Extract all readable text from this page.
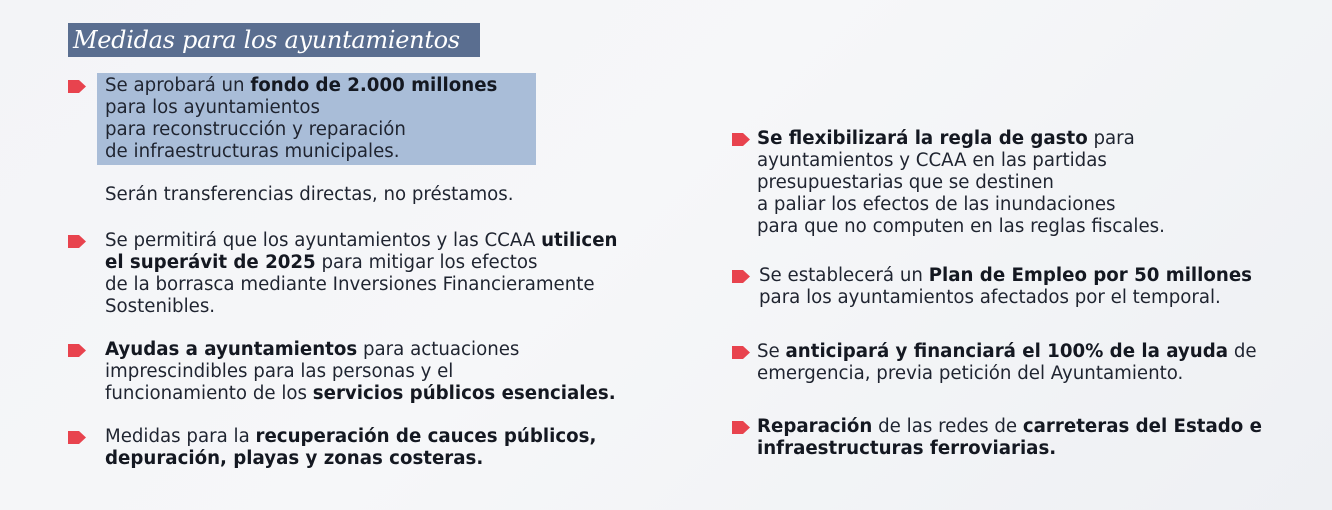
Medidas para los ayuntamientos
Se aprobará un fondo de 2.000 millones
para los ayuntamientos
para reconstrucción y reparación
de infraestructuras municipales.
Serán transferencias directas, no préstamos.
Se permitirá que los ayuntamientos y las CCAA utilicen
el superávit de 2025 para mitigar los efectos
de la borrasca mediante Inversiones Financieramente
Sostenibles.
Ayudas a ayuntamientos para actuaciones
imprescindibles para las personas y el
funcionamiento de los servicios públicos esenciales.
Medidas para la recuperación de cauces públicos,
depuración, playas y zonas costeras.
Se flexibilizará la regla de gasto para
ayuntamientos y CCAA en las partidas
presupuestarias que se destinen
a paliar los efectos de las inundaciones
para que no computen en las reglas fiscales.
Se establecerá un Plan de Empleo por 50 millones
para los ayuntamientos afectados por el temporal.
Se anticipará y financiará el 100% de la ayuda de
emergencia, previa petición del Ayuntamiento.
Reparación de las redes de carreteras del Estado e
infraestructuras ferroviarias.
